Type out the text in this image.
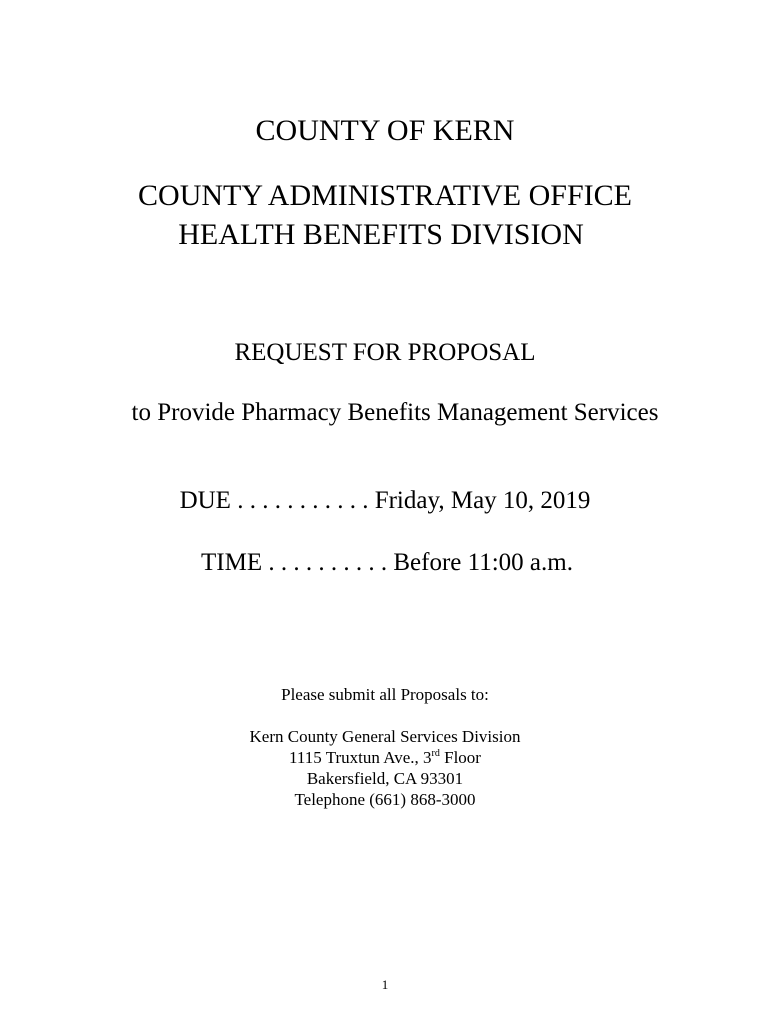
COUNTY OF KERN
COUNTY ADMINISTRATIVE OFFICE
HEALTH BENEFITS DIVISION
REQUEST FOR PROPOSAL
to Provide Pharmacy Benefits Management Services
DUE . . . . . . . . . . . Friday, May 10, 2019
TIME . . . . . . . . . . Before 11:00 a.m.
Please submit all Proposals to:
Kern County General Services Division
1115 Truxtun Ave., 3rd Floor
Bakersfield, CA 93301
Telephone (661) 868-3000
1
